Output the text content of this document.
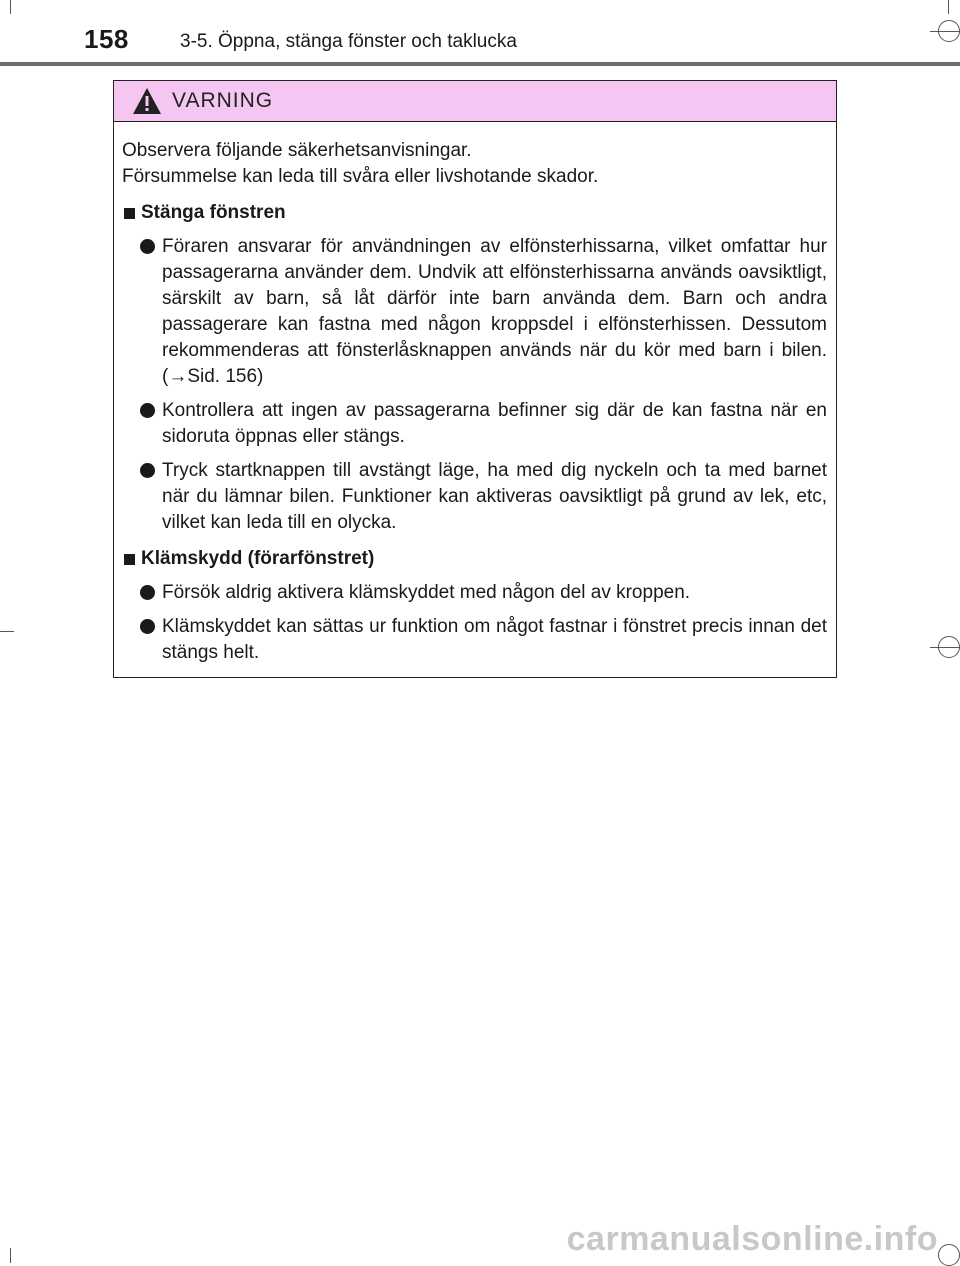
158	3-5. Öppna, stänga fönster och taklucka
VARNING

Observera följande säkerhetsanvisningar.

Försummelse kan leda till svåra eller livshotande skador.

Stänga fönstren
Föraren ansvarar för användningen av elfönsterhissarna, vilket omfattar hur passagerarna använder dem. Undvik att elfönsterhissarna används oavsiktligt, särskilt av barn, så låt därför inte barn använda dem. Barn och andra passagerare kan fastna med någon kroppsdel i elfönsterhissen. Dessutom rekommenderas att fönsterlåsknappen används när du kör med barn i bilen. (→Sid. 156)
Kontrollera att ingen av passagerarna befinner sig där de kan fastna när en sidoruta öppnas eller stängs.
Tryck startknappen till avstängt läge, ha med dig nyckeln och ta med barnet när du lämnar bilen. Funktioner kan aktiveras oavsiktligt på grund av lek, etc, vilket kan leda till en olycka.
Klämskydd (förarfönstret)
Försök aldrig aktivera klämskyddet med någon del av kroppen.
Klämskyddet kan sättas ur funktion om något fastnar i fönstret precis innan det stängs helt.
carmanualsonline.info
